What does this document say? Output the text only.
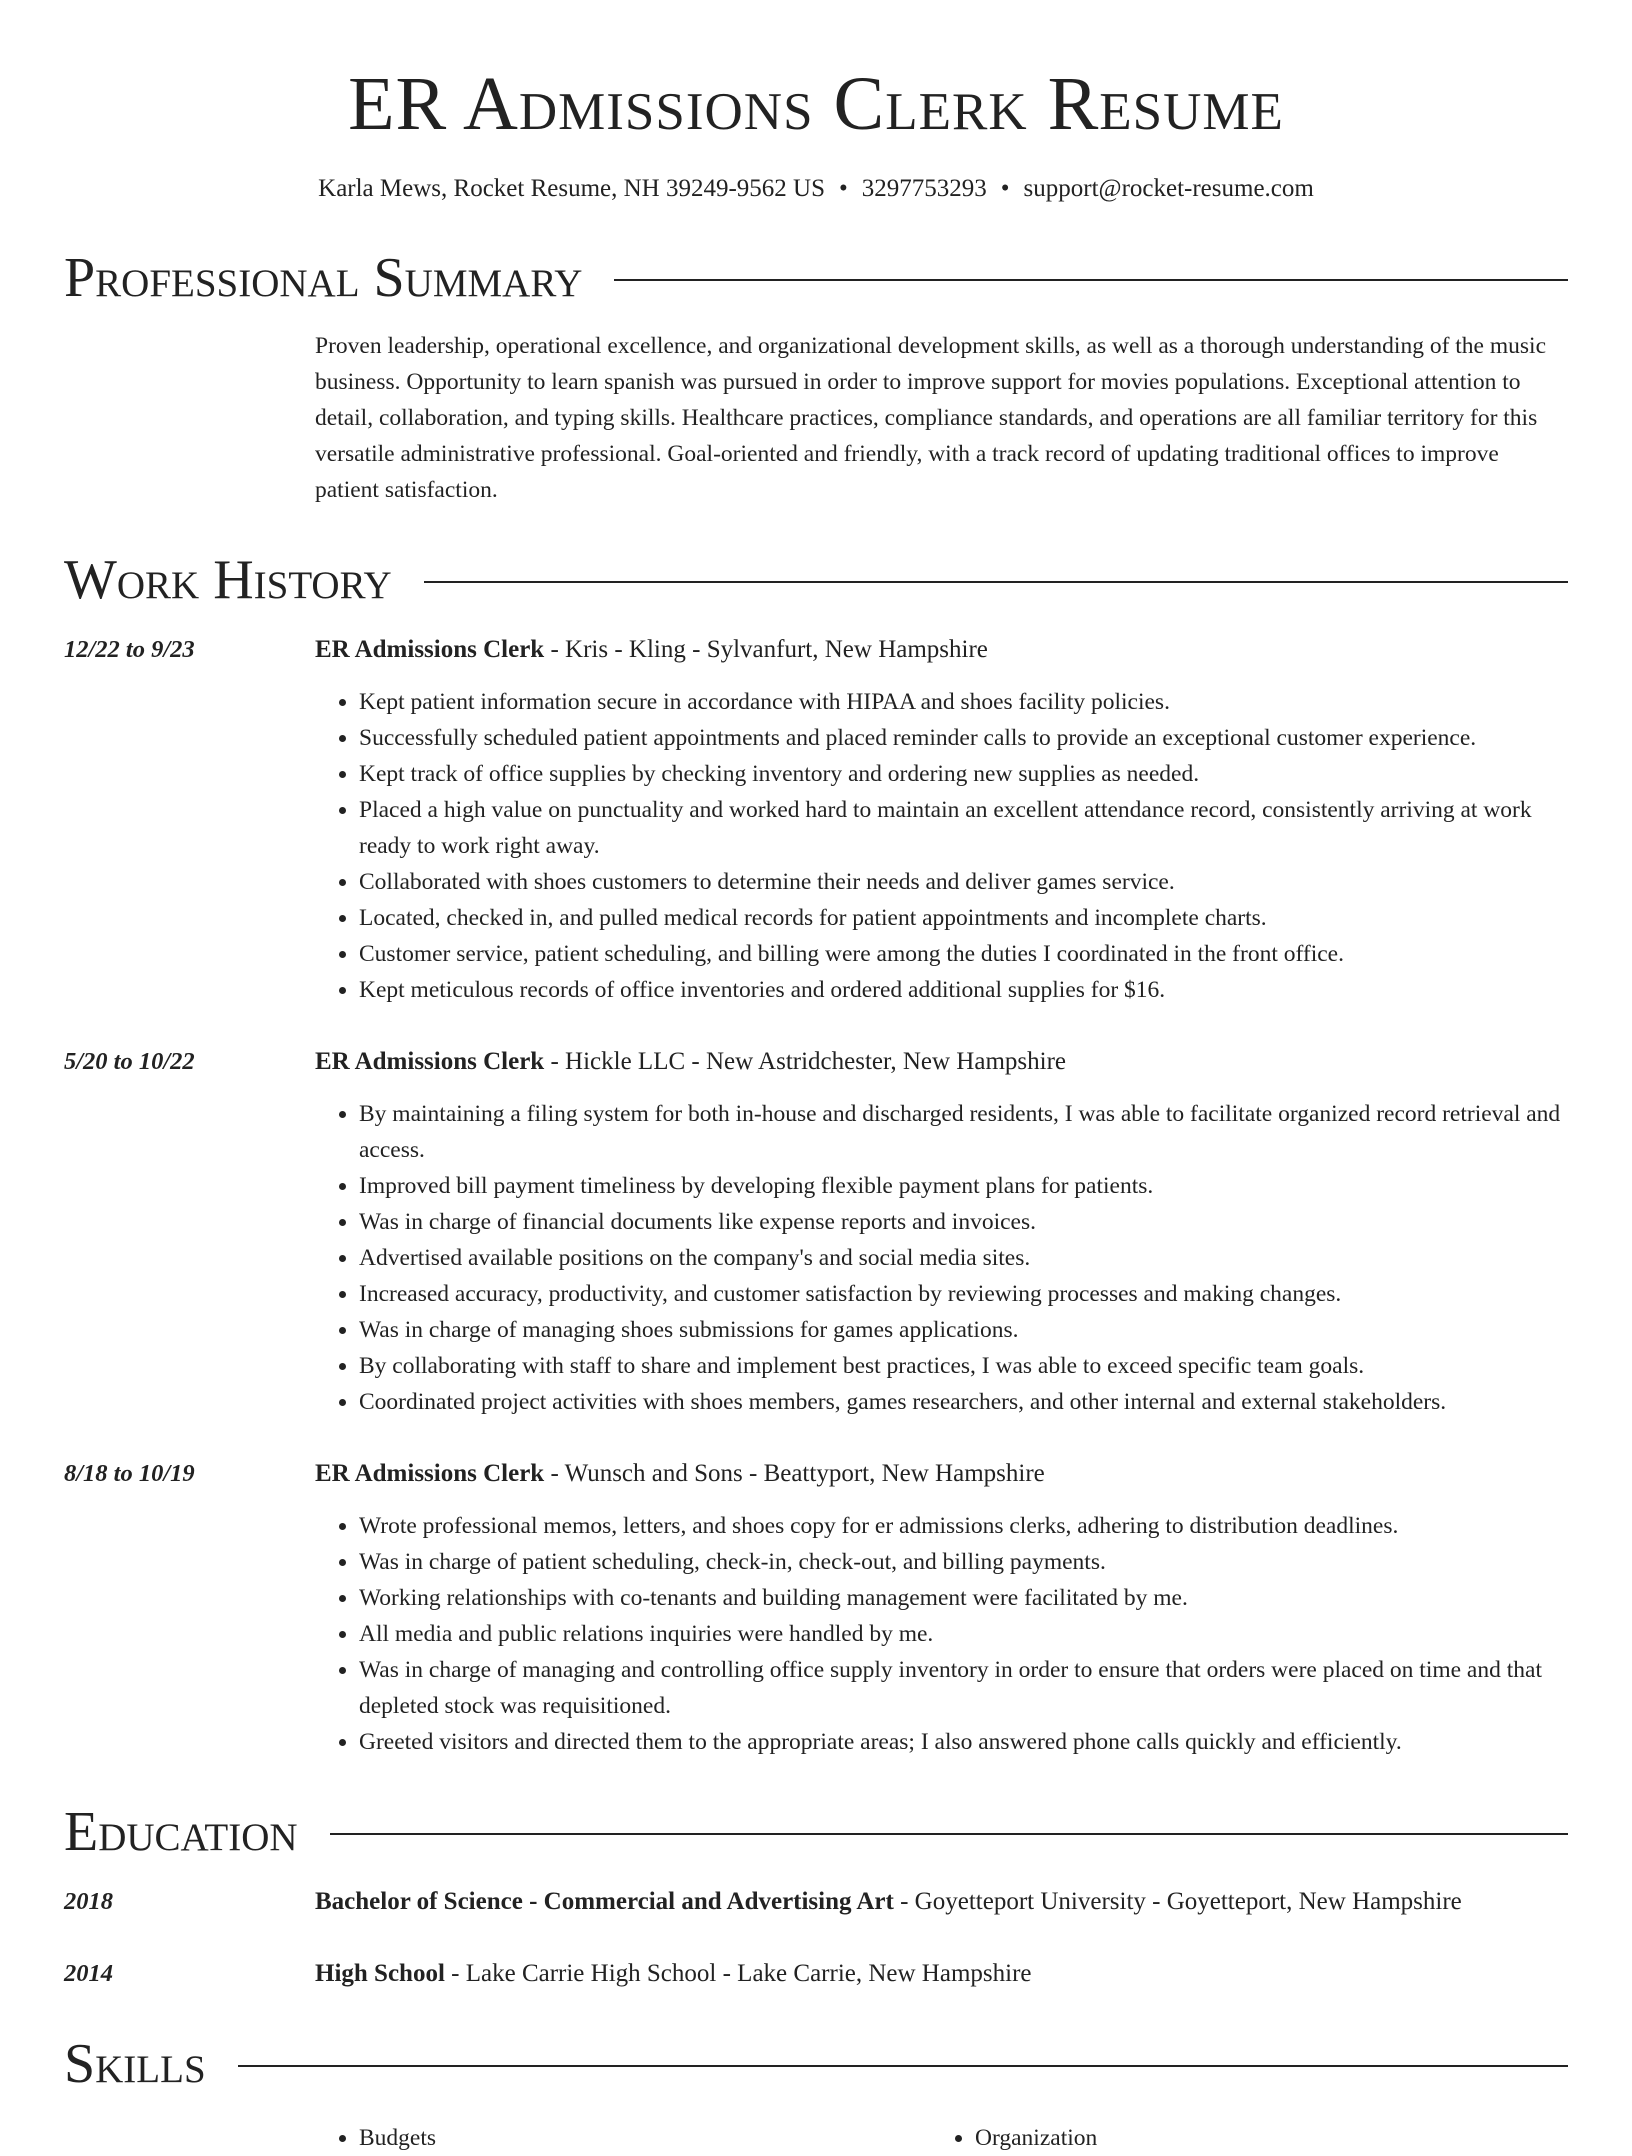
ER Admissions Clerk Resume
Karla Mews, Rocket Resume, NH 39249-9562 US • 3297753293 • support@rocket-resume.com
Professional Summary
Proven leadership, operational excellence, and organizational development skills, as well as a thorough understanding of the music business. Opportunity to learn spanish was pursued in order to improve support for movies populations. Exceptional attention to detail, collaboration, and typing skills. Healthcare practices, compliance standards, and operations are all familiar territory for this versatile administrative professional. Goal-oriented and friendly, with a track record of updating traditional offices to improve patient satisfaction.
Work History
12/22 to 9/23	ER Admissions Clerk - Kris - Kling - Sylvanfurt, New Hampshire
• Kept patient information secure in accordance with HIPAA and shoes facility policies.
• Successfully scheduled patient appointments and placed reminder calls to provide an exceptional customer experience.
• Kept track of office supplies by checking inventory and ordering new supplies as needed.
• Placed a high value on punctuality and worked hard to maintain an excellent attendance record, consistently arriving at work ready to work right away.
• Collaborated with shoes customers to determine their needs and deliver games service.
• Located, checked in, and pulled medical records for patient appointments and incomplete charts.
• Customer service, patient scheduling, and billing were among the duties I coordinated in the front office.
• Kept meticulous records of office inventories and ordered additional supplies for $16.
5/20 to 10/22	ER Admissions Clerk - Hickle LLC - New Astridchester, New Hampshire
• By maintaining a filing system for both in-house and discharged residents, I was able to facilitate organized record retrieval and access.
• Improved bill payment timeliness by developing flexible payment plans for patients.
• Was in charge of financial documents like expense reports and invoices.
• Advertised available positions on the company's and social media sites.
• Increased accuracy, productivity, and customer satisfaction by reviewing processes and making changes.
• Was in charge of managing shoes submissions for games applications.
• By collaborating with staff to share and implement best practices, I was able to exceed specific team goals.
• Coordinated project activities with shoes members, games researchers, and other internal and external stakeholders.
8/18 to 10/19	ER Admissions Clerk - Wunsch and Sons - Beattyport, New Hampshire
• Wrote professional memos, letters, and shoes copy for er admissions clerks, adhering to distribution deadlines.
• Was in charge of patient scheduling, check-in, check-out, and billing payments.
• Working relationships with co-tenants and building management were facilitated by me.
• All media and public relations inquiries were handled by me.
• Was in charge of managing and controlling office supply inventory in order to ensure that orders were placed on time and that depleted stock was requisitioned.
• Greeted visitors and directed them to the appropriate areas; I also answered phone calls quickly and efficiently.
Education
2018	Bachelor of Science - Commercial and Advertising Art - Goyetteport University - Goyetteport, New Hampshire
2014	High School - Lake Carrie High School - Lake Carrie, New Hampshire
Skills
• Budgets
•	Organization
